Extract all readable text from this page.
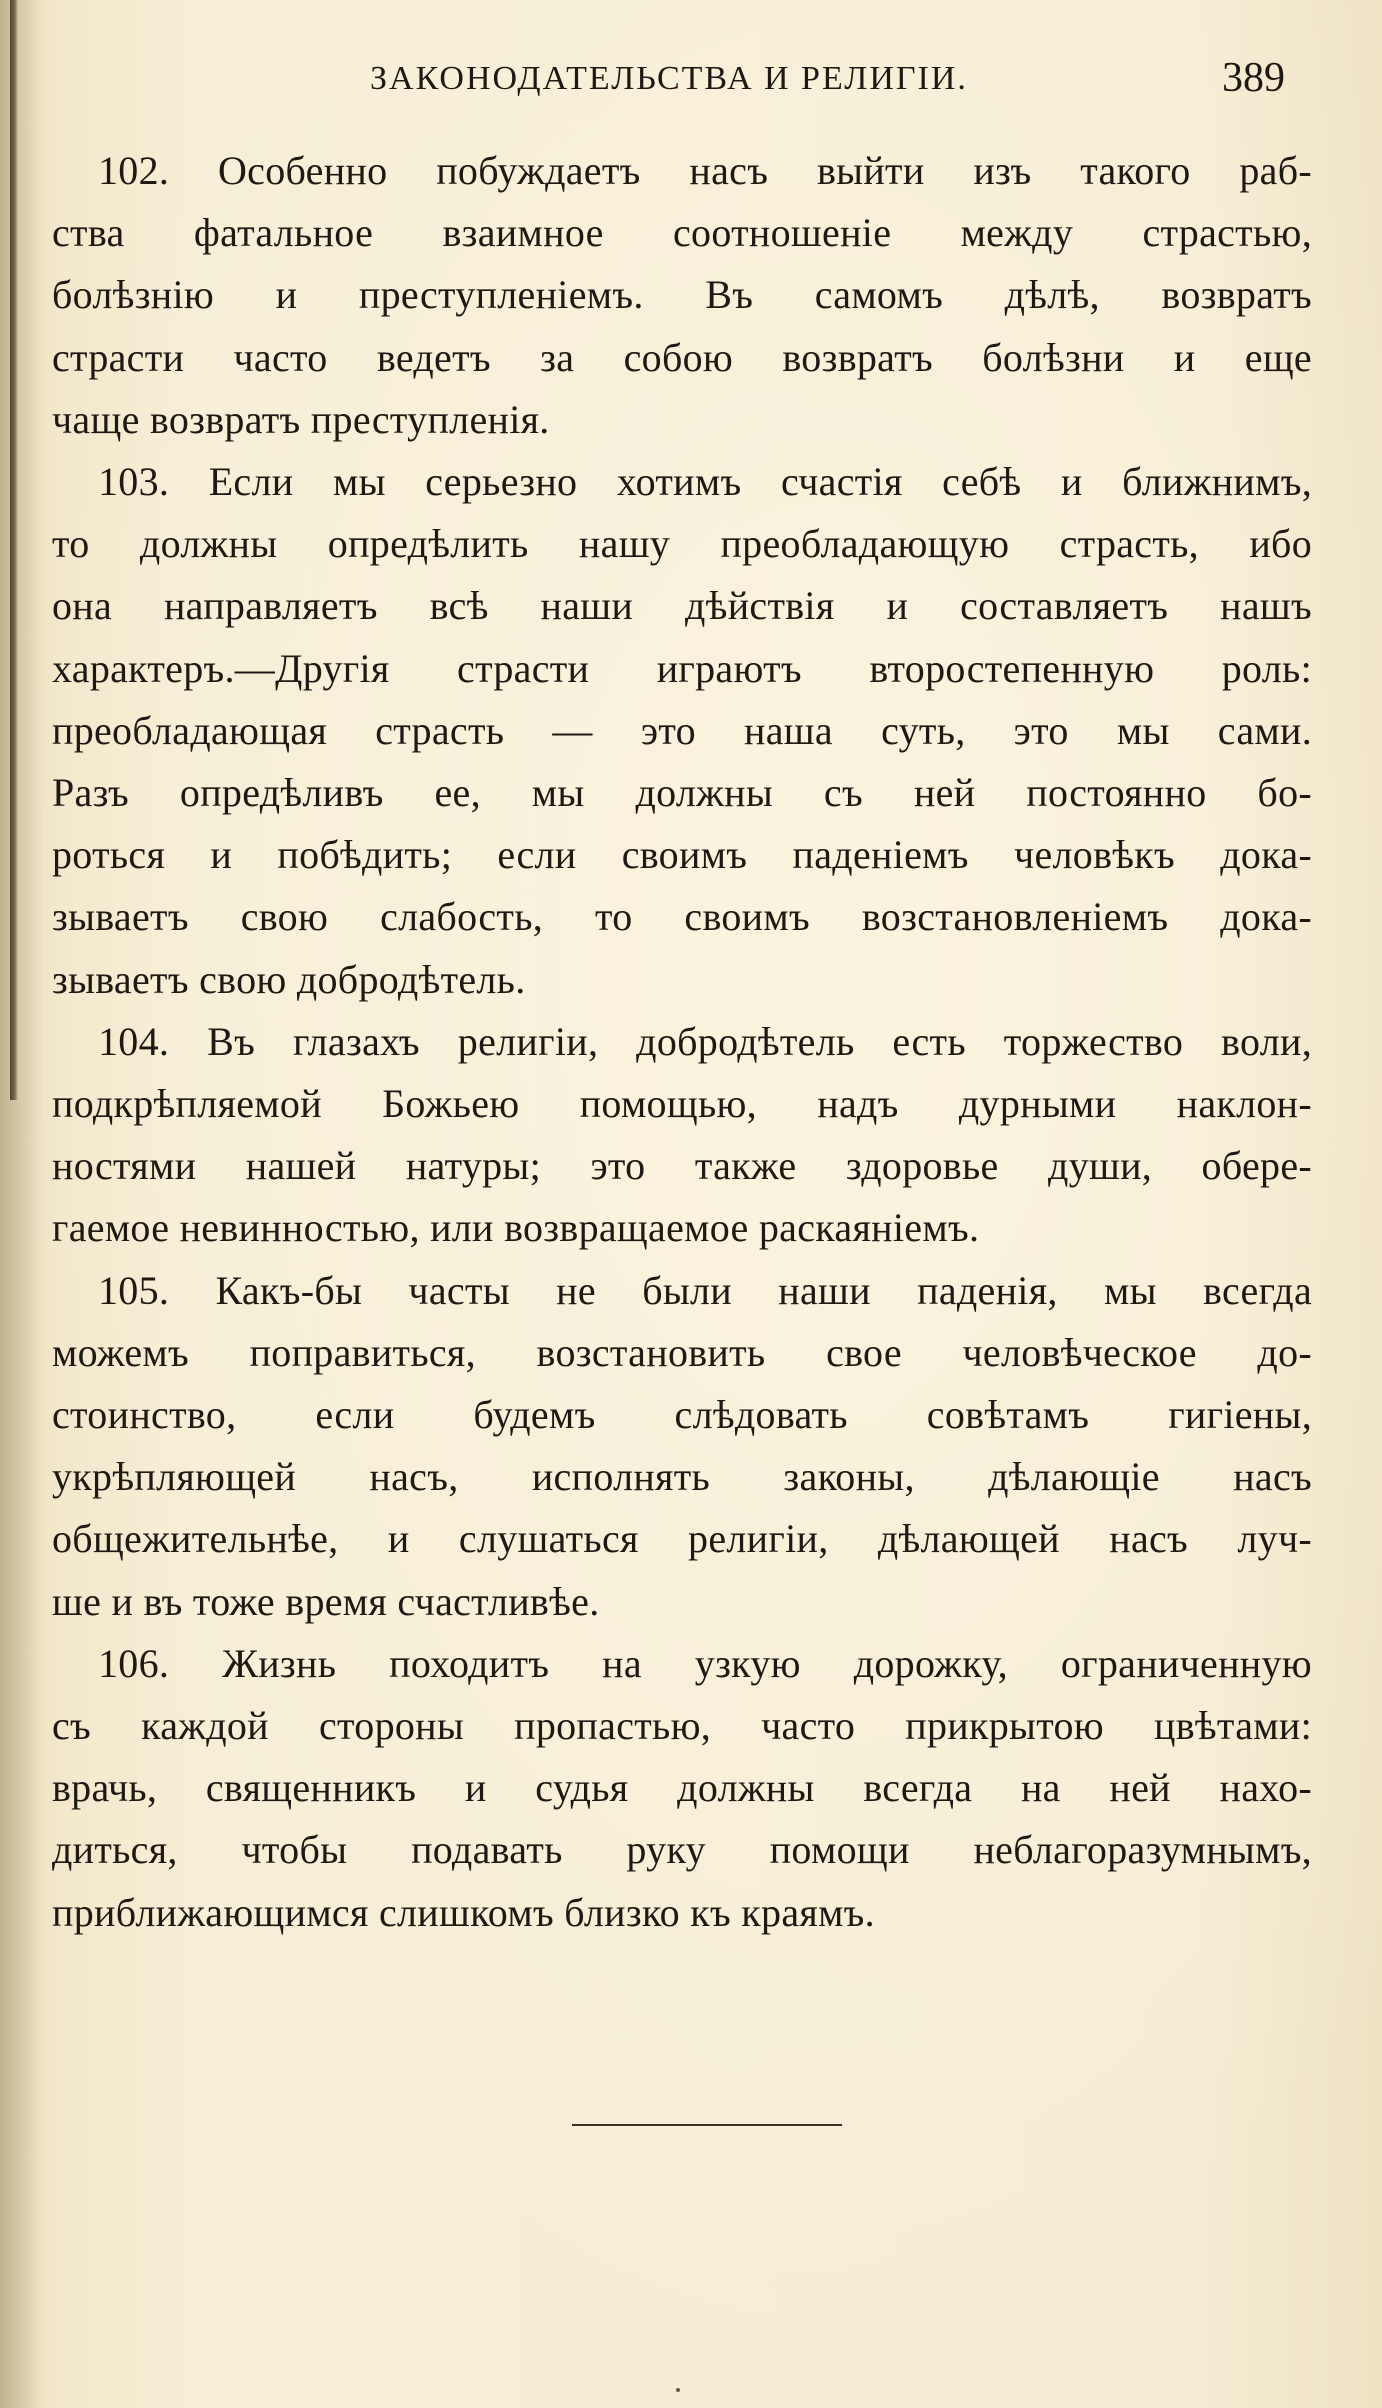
ЗАКОНОДАТЕЛЬСТВА И РЕЛИГІИ.	389
102. Особенно побуждаетъ насъ выйти изъ такого раб-
ства фатальное взаимное соотношеніе между страстью,
болѣзнію и преступленіемъ. Въ самомъ дѣлѣ, возвратъ
страсти часто ведетъ за собою возвратъ болѣзни и еще
чаще возвратъ преступленія.
103. Если мы серьезно хотимъ счастія себѣ и ближнимъ,
то должны опредѣлить нашу преобладающую страсть, ибо
она направляетъ всѣ наши дѣйствія и составляетъ нашъ
характеръ.—Другія страсти играютъ второстепенную роль:
преобладающая страсть — это наша суть, это мы сами.
Разъ опредѣливъ ее, мы должны съ ней постоянно бо-
роться и побѣдить; если своимъ паденіемъ человѣкъ дока-
зываетъ свою слабость, то своимъ возстановленіемъ дока-
зываетъ свою добродѣтель.
104. Въ глазахъ религіи, добродѣтель есть торжество воли,
подкрѣпляемой Божьею помощью, надъ дурными наклон-
ностями нашей натуры; это также здоровье души, обере-
гаемое невинностью, или возвращаемое раскаяніемъ.
105. Какъ-бы часты не были наши паденія, мы всегда
можемъ поправиться, возстановить свое человѣческое до-
стоинство, если будемъ слѣдовать совѣтамъ гигіены,
укрѣпляющей насъ, исполнять законы, дѣлающіе насъ
общежительнѣе, и слушаться религіи, дѣлающей насъ луч-
ше и въ тоже время счастливѣе.
106. Жизнь походитъ на узкую дорожку, ограниченную
съ каждой стороны пропастью, часто прикрытою цвѣтами:
врачь, священникъ и судья должны всегда на ней нахо-
диться, чтобы подавать руку помощи неблагоразумнымъ,
приближающимся слишкомъ близко къ краямъ.
